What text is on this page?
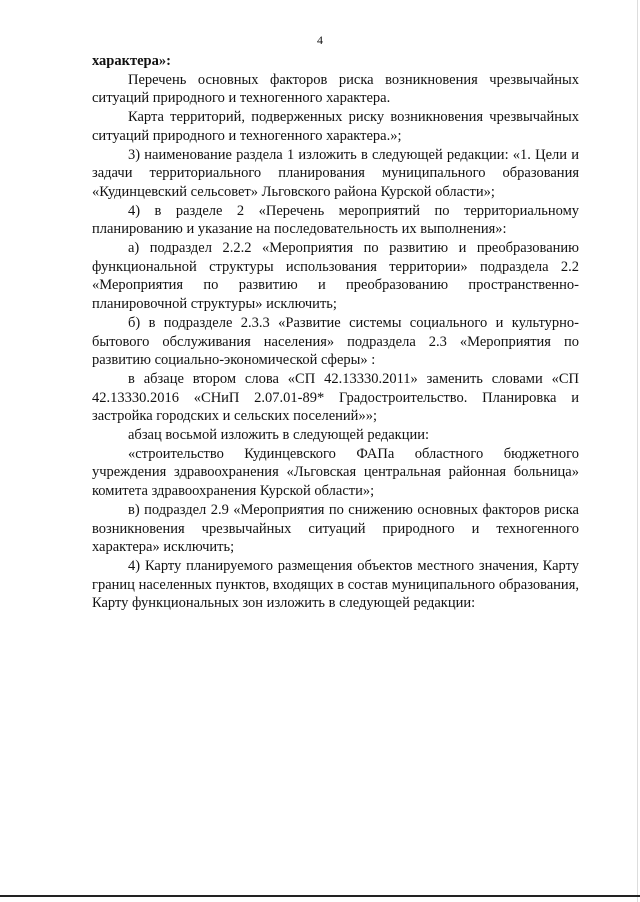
4

характера»:

Перечень основных факторов риска возникновения чрезвычайных ситуаций природного и техногенного характера.

Карта территорий, подверженных риску возникновения чрезвычайных ситуаций природного и техногенного характера.»;

3) наименование раздела 1 изложить в следующей редакции: «1. Цели и задачи территориального планирования муниципального образования «Кудинцевский сельсовет» Льговского района Курской области»;

4) в разделе 2 «Перечень мероприятий по территориальному планированию и указание на последовательность их выполнения»:

а) подраздел 2.2.2 «Мероприятия по развитию и преобразованию функциональной структуры использования территории» подраздела 2.2 «Мероприятия по развитию и преобразованию пространственно-планировочной структуры» исключить;

б) в подразделе 2.3.3 «Развитие системы социального и культурно-бытового обслуживания населения» подраздела 2.3 «Мероприятия по развитию социально-экономической сферы» :

в абзаце втором слова «СП 42.13330.2011» заменить словами «СП 42.13330.2016 «СНиП 2.07.01-89* Градостроительство. Планировка и застройка городских и сельских поселений»»;

абзац восьмой изложить в следующей редакции:

«строительство Кудинцевского ФАПа областного бюджетного учреждения здравоохранения «Льговская центральная районная больница» комитета здравоохранения Курской области»;

в) подраздел 2.9 «Мероприятия по снижению основных факторов риска возникновения чрезвычайных ситуаций природного и техногенного характера» исключить;

4) Карту планируемого размещения объектов местного значения, Карту границ населенных пунктов, входящих в состав муниципального образования, Карту функциональных зон изложить в следующей редакции:
